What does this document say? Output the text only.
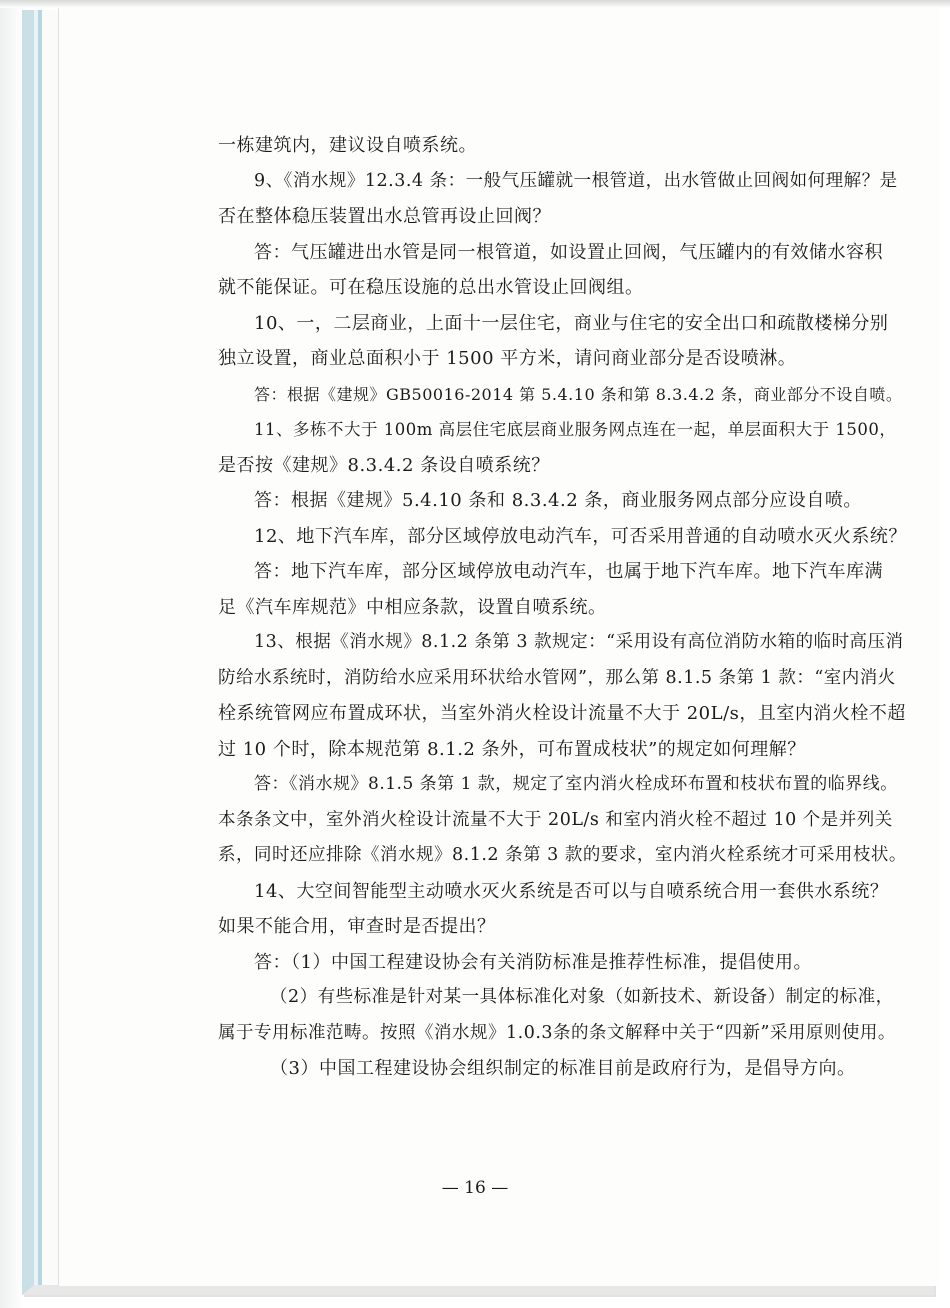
一栋建筑内，建议设自喷系统。
9、《消水规》12.3.4 条：一般气压罐就一根管道，出水管做止回阀如何理解？是
否在整体稳压装置出水总管再设止回阀？
答：气压罐进出水管是同一根管道，如设置止回阀，气压罐内的有效储水容积
就不能保证。可在稳压设施的总出水管设止回阀组。
10、一，二层商业，上面十一层住宅，商业与住宅的安全出口和疏散楼梯分别
独立设置，商业总面积小于 1500 平方米，请问商业部分是否设喷淋。
答：根据《建规》GB50016-2014 第 5.4.10 条和第 8.3.4.2 条，商业部分不设自喷。
11、多栋不大于 100m 高层住宅底层商业服务网点连在一起，单层面积大于 1500，
是否按《建规》8.3.4.2 条设自喷系统？
答：根据《建规》5.4.10 条和 8.3.4.2 条，商业服务网点部分应设自喷。
12、地下汽车库，部分区域停放电动汽车，可否采用普通的自动喷水灭火系统？
答：地下汽车库，部分区域停放电动汽车，也属于地下汽车库。地下汽车库满
足《汽车库规范》中相应条款，设置自喷系统。
13、根据《消水规》8.1.2 条第 3 款规定：“采用设有高位消防水箱的临时高压消
防给水系统时，消防给水应采用环状给水管网”，那么第 8.1.5 条第 1 款：“室内消火
栓系统管网应布置成环状，当室外消火栓设计流量不大于 20L/s，且室内消火栓不超
过 10 个时，除本规范第 8.1.2 条外，可布置成枝状”的规定如何理解？
答：《消水规》8.1.5 条第 1 款，规定了室内消火栓成环布置和枝状布置的临界线。
本条条文中，室外消火栓设计流量不大于 20L/s 和室内消火栓不超过 10 个是并列关
系，同时还应排除《消水规》8.1.2 条第 3 款的要求，室内消火栓系统才可采用枝状。
14、大空间智能型主动喷水灭火系统是否可以与自喷系统合用一套供水系统？
如果不能合用，审查时是否提出？
答：（1）中国工程建设协会有关消防标准是推荐性标准，提倡使用。
（2）有些标准是针对某一具体标准化对象（如新技术、新设备）制定的标准，
属于专用标准范畴。按照《消水规》1.0.3条的条文解释中关于“四新”采用原则使用。
（3）中国工程建设协会组织制定的标准目前是政府行为，是倡导方向。
— 16 —
